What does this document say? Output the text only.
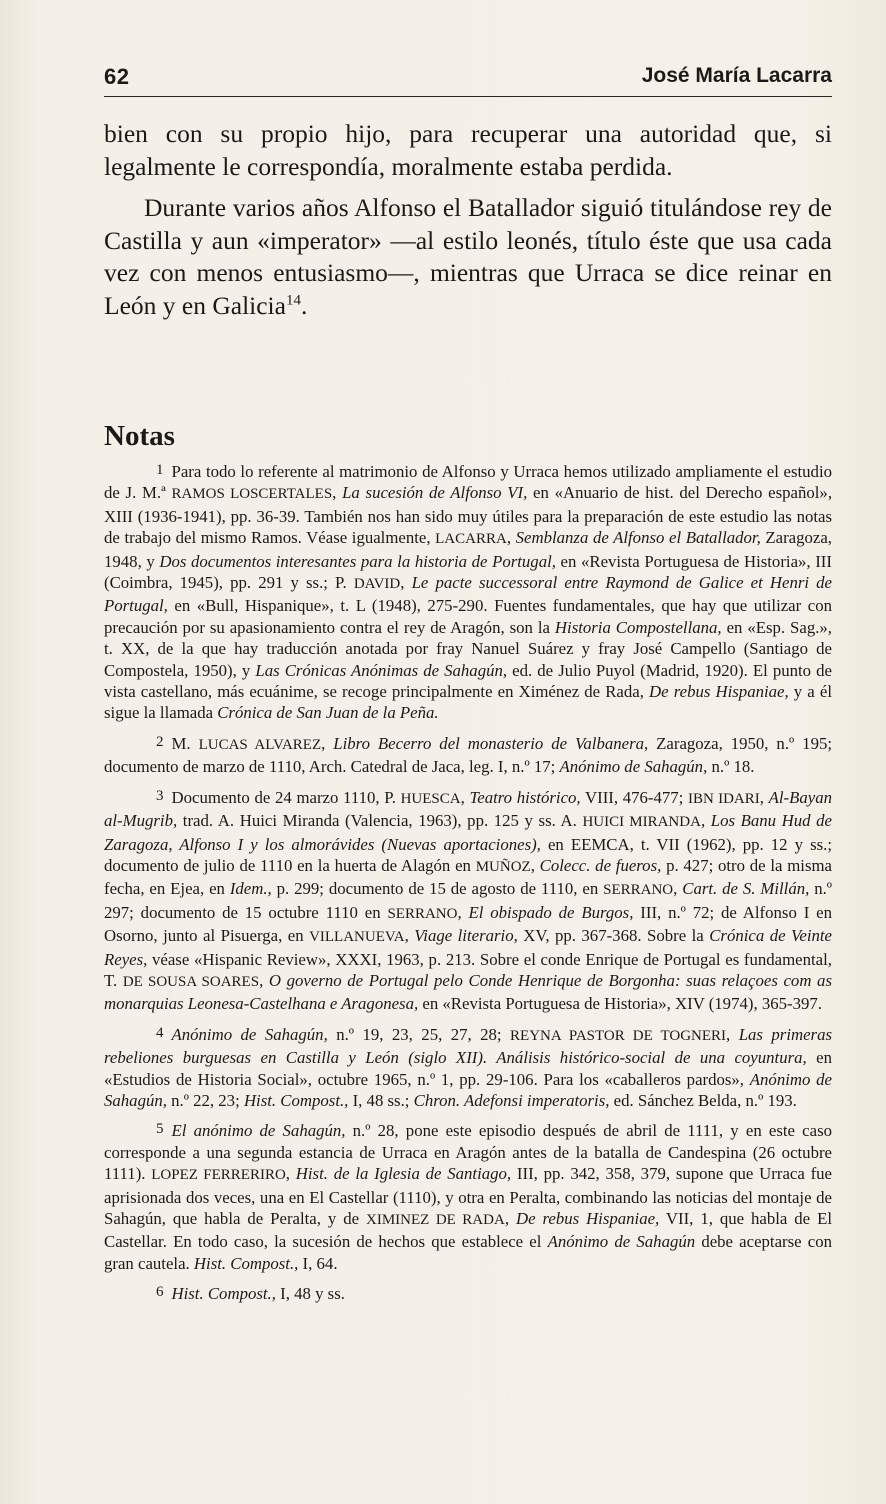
62	José María Lacarra

bien con su propio hijo, para recuperar una autoridad que, si legalmente le correspondía, moralmente estaba perdida.

Durante varios años Alfonso el Batallador siguió titulándose rey de Castilla y aun «imperator» —al estilo leonés, título éste que usa cada vez con menos entusiasmo—, mientras que Urraca se dice reinar en León y en Galicia$^{14}$.

Notas

1 Para todo lo referente al matrimonio de Alfonso y Urraca hemos utilizado ampliamente el estudio de J. M.ª RAMOS LOSCERTALES, La sucesión de Alfonso VI, en «Anuario de hist. del Derecho español», XIII (1936-1941), pp. 36-39. También nos han sido muy útiles para la preparación de este estudio las notas de trabajo del mismo Ramos. Véase igualmente, LACARRA, Semblanza de Alfonso el Batallador, Zaragoza, 1948, y Dos documentos interesantes para la historia de Portugal, en «Revista Portuguesa de Historia», III (Coimbra, 1945), pp. 291 y ss.; P. DAVID, Le pacte successoral entre Raymond de Galice et Henri de Portugal, en «Bull, Hispanique», t. L (1948), 275-290. Fuentes fundamentales, que hay que utilizar con precaución por su apasionamiento contra el rey de Aragón, son la Historia Compostellana, en «Esp. Sag.», t. XX, de la que hay traducción anotada por fray Nanuel Suárez y fray José Campello (Santiago de Compostela, 1950), y Las Crónicas Anónimas de Sahagún, ed. de Julio Puyol (Madrid, 1920). El punto de vista castellano, más ecuánime, se recoge principalmente en Ximénez de Rada, De rebus Hispaniae, y a él sigue la llamada Crónica de San Juan de la Peña.

2 M. LUCAS ALVAREZ, Libro Becerro del monasterio de Valbanera, Zaragoza, 1950, n.º 195; documento de marzo de 1110, Arch. Catedral de Jaca, leg. I, n.º 17; Anónimo de Sahagún, n.º 18.

3 Documento de 24 marzo 1110, P. HUESCA, Teatro histórico, VIII, 476-477; IBN IDARI, Al-Bayan al-Mugrib, trad. A. Huici Miranda (Valencia, 1963), pp. 125 y ss. A. HUICI MIRANDA, Los Banu Hud de Zaragoza, Alfonso I y los almorávides (Nuevas aportaciones), en EEMCA, t. VII (1962), pp. 12 y ss.; documento de julio de 1110 en la huerta de Alagón en MUÑOZ, Colecc. de fueros, p. 427; otro de la misma fecha, en Ejea, en Idem., p. 299; documento de 15 de agosto de 1110, en SERRANO, Cart. de S. Millán, n.º 297; documento de 15 octubre 1110 en SERRANO, El obispado de Burgos, III, n.º 72; de Alfonso I en Osorno, junto al Pisuerga, en VILLANUEVA, Viage literario, XV, pp. 367-368. Sobre la Crónica de Veinte Reyes, véase «Hispanic Review», XXXI, 1963, p. 213. Sobre el conde Enrique de Portugal es fundamental, T. DE SOUSA SOARES, O governo de Portugal pelo Conde Henrique de Borgonha: suas relaçoes com as monarquias Leonesa-Castelhana e Aragonesa, en «Revista Portuguesa de Historia», XIV (1974), 365-397.

4 Anónimo de Sahagún, n.º 19, 23, 25, 27, 28; REYNA PASTOR DE TOGNERI, Las primeras rebeliones burguesas en Castilla y León (siglo XII). Análisis histórico-social de una coyuntura, en «Estudios de Historia Social», octubre 1965, n.º 1, pp. 29-106. Para los «caballeros pardos», Anónimo de Sahagún, n.º 22, 23; Hist. Compost., I, 48 ss.; Chron. Adefonsi imperatoris, ed. Sánchez Belda, n.º 193.

5 El anónimo de Sahagún, n.º 28, pone este episodio después de abril de 1111, y en este caso corresponde a una segunda estancia de Urraca en Aragón antes de la batalla de Candespina (26 octubre 1111). LOPEZ FERRERIRO, Hist. de la Iglesia de Santiago, III, pp. 342, 358, 379, supone que Urraca fue aprisionada dos veces, una en El Castellar (1110), y otra en Peralta, combinando las noticias del montaje de Sahagún, que habla de Peralta, y de XIMINEZ DE RADA, De rebus Hispaniae, VII, 1, que habla de El Castellar. En todo caso, la sucesión de hechos que establece el Anónimo de Sahagún debe aceptarse con gran cautela. Hist. Compost., I, 64.

6 Hist. Compost., I, 48 y ss.
